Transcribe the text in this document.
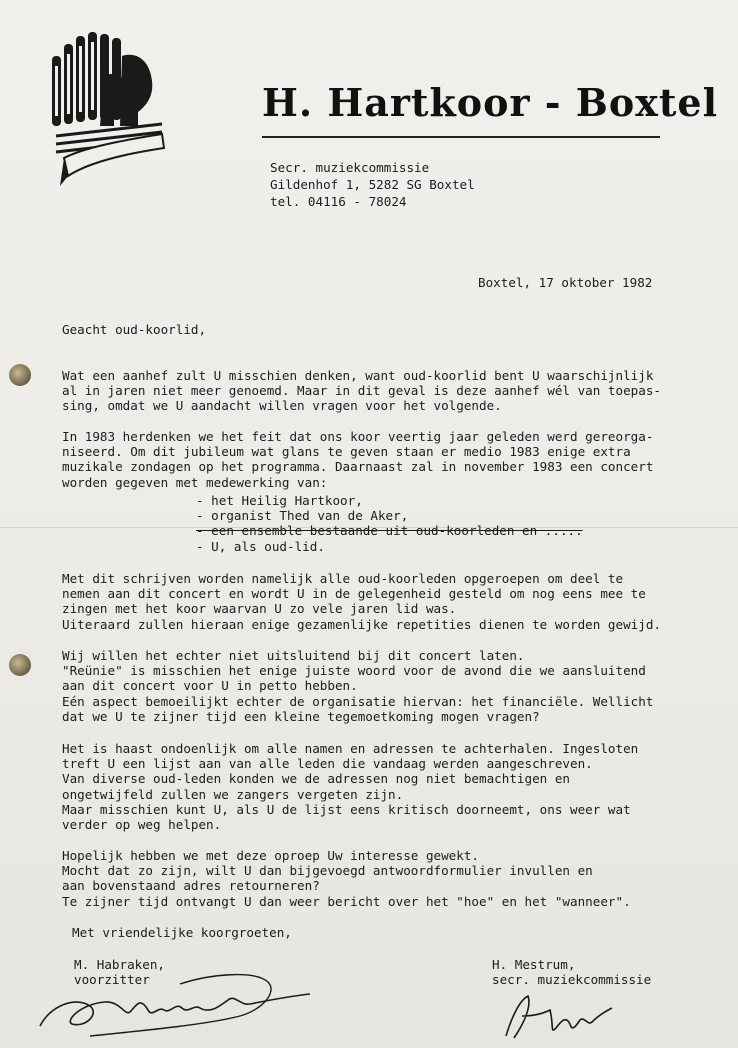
H. Hartkoor - Boxtel
Secr. muziekcommissie
Gildenhof 1, 5282 SG Boxtel
tel. 04116 - 78024
Boxtel, 17 oktober 1982
Geacht oud-koorlid,
Wat een aanhef zult U misschien denken, want oud-koorlid bent U waarschijnlijk
al in jaren niet meer genoemd. Maar in dit geval is deze aanhef wél van toepas-
sing, omdat we U aandacht willen vragen voor het volgende.
In 1983 herdenken we het feit dat ons koor veertig jaar geleden werd gereorga-
niseerd. Om dit jubileum wat glans te geven staan er medio 1983 enige extra
muzikale zondagen op het programma. Daarnaast zal in november 1983 een concert
worden gegeven met medewerking van:
- het Heilig Hartkoor,
- organist Thed van de Aker,
- een ensemble bestaande uit oud-koorleden en .....
- U, als oud-lid.
Met dit schrijven worden namelijk alle oud-koorleden opgeroepen om deel te
nemen aan dit concert en wordt U in de gelegenheid gesteld om nog eens mee te
zingen met het koor waarvan U zo vele jaren lid was.
Uiteraard zullen hieraan enige gezamenlijke repetities dienen te worden gewijd.
Wij willen het echter niet uitsluitend bij dit concert laten.
"Reünie" is misschien het enige juiste woord voor de avond die we aansluitend
aan dit concert voor U in petto hebben.
Eén aspect bemoeilijkt echter de organisatie hiervan: het financiële. Wellicht
dat we U te zijner tijd een kleine tegemoetkoming mogen vragen?
Het is haast ondoenlijk om alle namen en adressen te achterhalen. Ingesloten
treft U een lijst aan van alle leden die vandaag werden aangeschreven.
Van diverse oud-leden konden we de adressen nog niet bemachtigen en
ongetwijfeld zullen we zangers vergeten zijn.
Maar misschien kunt U, als U de lijst eens kritisch doorneemt, ons weer wat
verder op weg helpen.
Hopelijk hebben we met deze oproep Uw interesse gewekt.
Mocht dat zo zijn, wilt U dan bijgevoegd antwoordformulier invullen en
aan bovenstaand adres retourneren?
Te zijner tijd ontvangt U dan weer bericht over het "hoe" en het "wanneer".
Met vriendelijke koorgroeten,
M. Habraken,
voorzitter
H. Mestrum,
secr. muziekcommissie
